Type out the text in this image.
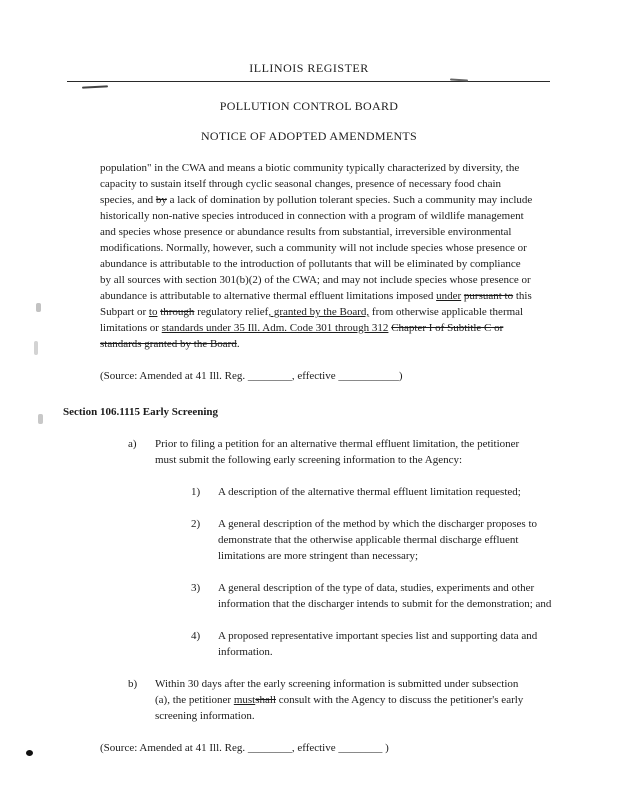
ILLINOIS REGISTER
POLLUTION CONTROL BOARD
NOTICE OF ADOPTED AMENDMENTS
population" in the CWA and means a biotic community typically characterized by diversity, the capacity to sustain itself through cyclic seasonal changes, presence of necessary food chain species, and by a lack of domination by pollution tolerant species. Such a community may include historically non-native species introduced in connection with a program of wildlife management and species whose presence or abundance results from substantial, irreversible environmental modifications. Normally, however, such a community will not include species whose presence or abundance is attributable to the introduction of pollutants that will be eliminated by compliance by all sources with section 301(b)(2) of the CWA; and may not include species whose presence or abundance is attributable to alternative thermal effluent limitations imposed under pursuant to this Subpart or to through regulatory relief, granted by the Board, from otherwise applicable thermal limitations or standards under 35 Ill. Adm. Code 301 through 312 Chapter I of Subtitle C or standards granted by the Board.
(Source: Amended at 41 Ill. Reg. ________, effective ___________)
Section 106.1115 Early Screening
a)	Prior to filing a petition for an alternative thermal effluent limitation, the petitioner must submit the following early screening information to the Agency:
1)	A description of the alternative thermal effluent limitation requested;
2)	A general description of the method by which the discharger proposes to demonstrate that the otherwise applicable thermal discharge effluent limitations are more stringent than necessary;
3)	A general description of the type of data, studies, experiments and other information that the discharger intends to submit for the demonstration; and
4)	A proposed representative important species list and supporting data and information.
b)	Within 30 days after the early screening information is submitted under subsection (a), the petitioner mustshall consult with the Agency to discuss the petitioner's early screening information.
(Source: Amended at 41 Ill. Reg. ________, effective ________ )
